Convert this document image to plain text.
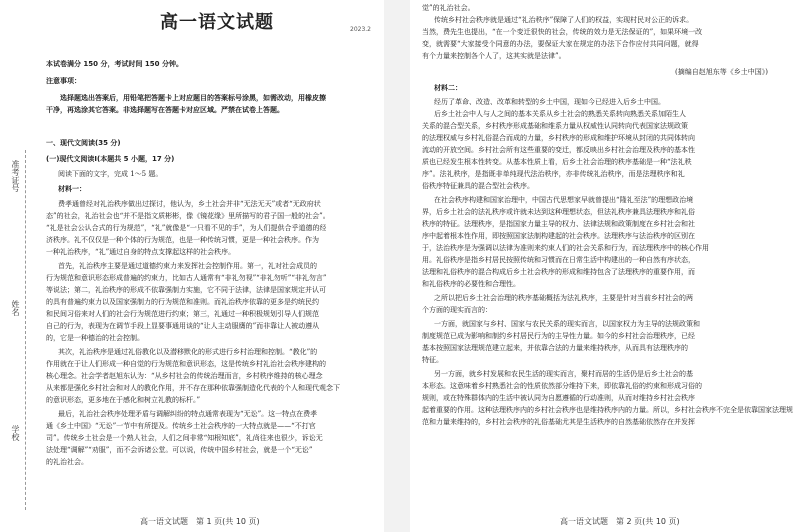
高一语文试题	2023.2
准考证号
姓名
学校
本试卷满分 150 分，考试时间 150 分钟。
注意事项：
选择题选出答案后，用铅笔把答题卡上对应题目的答案标号涂黑，如需改动，用橡皮擦
干净，再选涂其它答案。非选择题写在答题卡对应区域。严禁在试卷上答题。
一、现代文阅读(35 分)
(一)现代文阅读Ⅰ(本题共 5 小题，17 分)
阅读下面的文字，完成 1～5 题。
材料一：
费孝通曾经对礼治秩序做出过探讨，他认为，乡土社会并非“无法无天”或者“无政府状
态”的社会，礼治社会也“并不是指文质彬彬，像《镜花缘》里所描写的君子国一般的社会”。
“礼是社会公认合式的行为规范”，“礼”就像是“一只看不见的手”，为人们提供合乎道德的经
济秩序。礼不仅仅是一种个体的行为规范，也是一种传统习惯，更是一种社会秩序。作为
一种礼治秩序，“礼”通过自身的特点支撑起这样的社会秩序。
首先，礼治秩序主要是通过道德约束力来发挥社会控制作用。第一，礼对社会成员的
行为规范和意识形态形成普遍的约束力，比如古人通常有“非礼勿视”“非礼勿听”“非礼勿言”
等说法；第二，礼治秩序的形成不依靠强制力实施，它不同于法律，法律是国家规定并认可
的具有普遍约束力以及国家强制力的行为规范和准则。而礼治秩序依靠的更多是约统民约
和民间习俗来对人们的社会行为规范进行约束；第三，礼通过一种积极规划引导人们规范
自己的行为，表现为在调节手段上显要事通用谈的“让人主动服膺的”而非靠让人被动遵从
的，它是一种德治的社会控制。
其次，礼治秩序是通过礼俗教化以及潜移默化的形式进行乡村治理和控制。“教化”的
作用就在于让人们形成一种自觉的行为规范和意识形态，这是传统乡村礼治社会秩序建构的
核心理念。社会学者赵旭东认为：“从乡村社会的传统治理而言，乡村秩序维持的核心理念
从来都是强化乡村社会和对人的教化作用，并不存在那种依靠强制造化代表的个人和现代观念下
的意识形态，更多地在于感化和树立礼教的标杆。”
最后，礼治社会秩序处理矛盾与调解纠纷的特点通常表现为“无讼”。这一特点在费孝
通《乡土中国》“无讼”一节中有所提及。传统乡土社会秩序的一大特点就是——“不打官
司”。传统乡土社会是一个熟人社会，人们之间非常“知根知底”，礼尚往来也很少，诉讼无
法处理“调解”“劝服”，而不会诉诸公堂。可以说，传统中国乡村社会，就是一个“无讼”
的礼治社会。
高一语文试题　第 1 页(共 10 页)
觉”的礼治社会。
传统乡村社会秩序就是通过“礼治秩序”保障了人们的权益，实现村民对公正的诉求。
当然，费先生也提出，“在一个变迁很快的社会，传统的效力是无法保证的”，如果环境一改
变，就需要“大家接受个同意的办法，要保证大家在规定的办法下合作应付共同问题，就得
有个力量来控制各个人了，这其实就是法律”。
(摘编自赵旭东等《乡土中国》)
材料二：
经历了革命、改造、改革和转型的乡土中国，现如今已经进入后乡土中国。
后乡土社会中人与人之间的基本关系从乡土社会的熟悉关系转向熟悉关系加陌生人
关系的混合型关系，乡村秩序形成基础和维系力量从权威性认同转向代表国家法规政策
的法理权威与乡村礼俗混合而成的力量，乡村秩序的形成和维护环境从封闭的共同体转向
流动的开放空间。乡村社会所有这些重要的变迁，都反映出乡村社会治理及秩序的基本性
质也已经发生根本性转变。从基本性质上看，后乡土社会治理的秩序基础是一种“法礼秩
序”。法礼秩序，是指既非单纯现代法治秩序，亦非传统礼治秩序，而是法理秩序和礼
俗秩序特征兼具的混合型社会秩序。
在社会秩序构建和国家治理中，中国古代思想家早就曾提出“隆礼至法”的理想政治境
界，后乡土社会的法礼秩序或许就未达到这种理想状态，但法礼秩序兼具法理秩序和礼俗
秩序的特征。法理秩序，是指国家力量主导的权力、法律法规和政策制度在乡村社会和社
序中起着根本性作用，即按照国家法制构建起的社会秩序。法理秩序与法治秩序的区别在
于，法治秩序是为强调以法律为准则来约束人们的社会关系和行为，而法理秩序中的核心作用
用。礼俗秩序是指乡村居民按照传统和习惯而在日常生活中构建出的一种自然有序状态，
法理和礼俗秩序的混合构成后乡土社会秩序的形成和维持包含了法理秩序的重要作用，而
和礼俗秩序的必要性和合理性。
之所以把后乡土社会治理的秩序基础概括为法礼秩序，主要是针对当前乡村社会的两
个方面的现实而言的：
一方面，就国家与乡村、国家与农民关系的现实而言，以国家权力为主导的法规政策和
制度规范已成为影响和制约乡村居民行为的主导性力量。如今的乡村社会治理秩序，已经
基本按照国家法理规范建立起来，并依靠合法的力量来维持秩序，从而具有法理秩序的
特征。
另一方面，就乡村发展和农民生活的现实而言，聚村而居的生活仍是后乡土社会的基
本形态。这意味着乡村熟悉社会的性质依然部分维持下来，即依靠礼俗的约束和形成习俗的
规则，或在特殊群体内的生活中被认同为自愿遵循的行动准则，从而对维持乡村社会秩序
起着重要的作用。这种法理秩序内的乡村社会秩序也是维持秩序内的力量。所以，乡村社会秩序不完全是依靠国家法理规
范和力量来维持的，乡村社会秩序的礼俗基础尤其是生活秩序的自然基础依然存在并发挥
高一语文试题　第 2 页(共 10 页)
